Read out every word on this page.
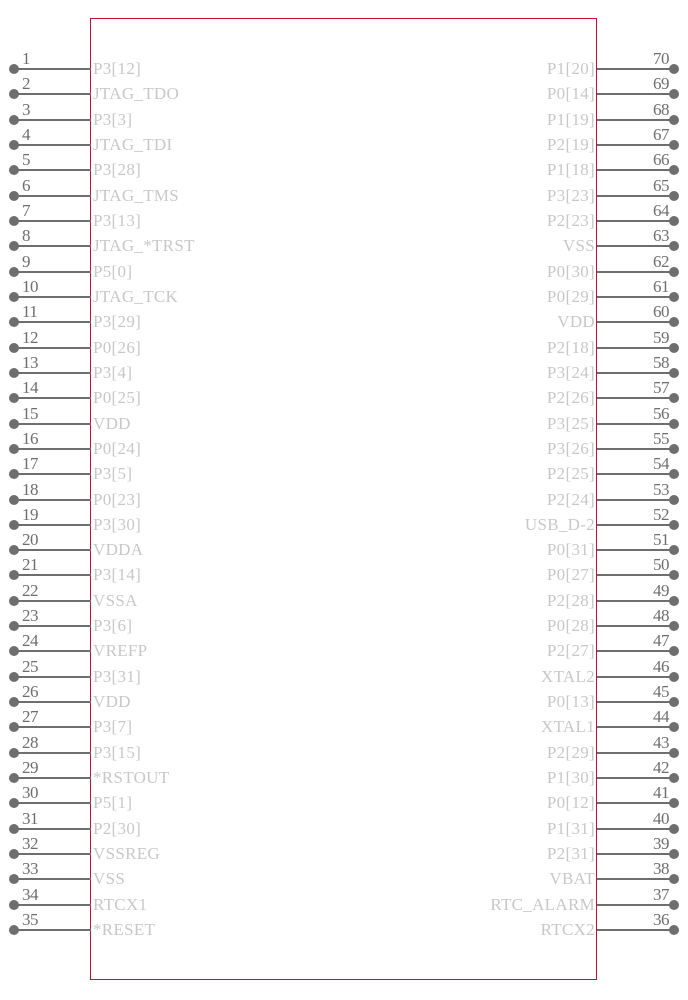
1
P3[12]
2
JTAG_TDO
3
P3[3]
4
JTAG_TDI
5
P3[28]
6
JTAG_TMS
7
P3[13]
8
JTAG_*TRST
9
P5[0]
10
JTAG_TCK
11
P3[29]
12
P0[26]
13
P3[4]
14
P0[25]
15
VDD
16
P0[24]
17
P3[5]
18
P0[23]
19
P3[30]
20
VDDA
21
P3[14]
22
VSSA
23
P3[6]
24
VREFP
25
P3[31]
26
VDD
27
P3[7]
28
P3[15]
29
*RSTOUT
30
P5[1]
31
P2[30]
32
VSSREG
33
VSS
34
RTCX1
35
*RESET
70
P1[20]
69
P0[14]
68
P1[19]
67
P2[19]
66
P1[18]
65
P3[23]
64
P2[23]
63
VSS
62
P0[30]
61
P0[29]
60
VDD
59
P2[18]
58
P3[24]
57
P2[26]
56
P3[25]
55
P3[26]
54
P2[25]
53
P2[24]
52
USB_D-2
51
P0[31]
50
P0[27]
49
P2[28]
48
P0[28]
47
P2[27]
46
XTAL2
45
P0[13]
44
XTAL1
43
P2[29]
42
P1[30]
41
P0[12]
40
P1[31]
39
P2[31]
38
VBAT
37
RTC_ALARM
36
RTCX2
